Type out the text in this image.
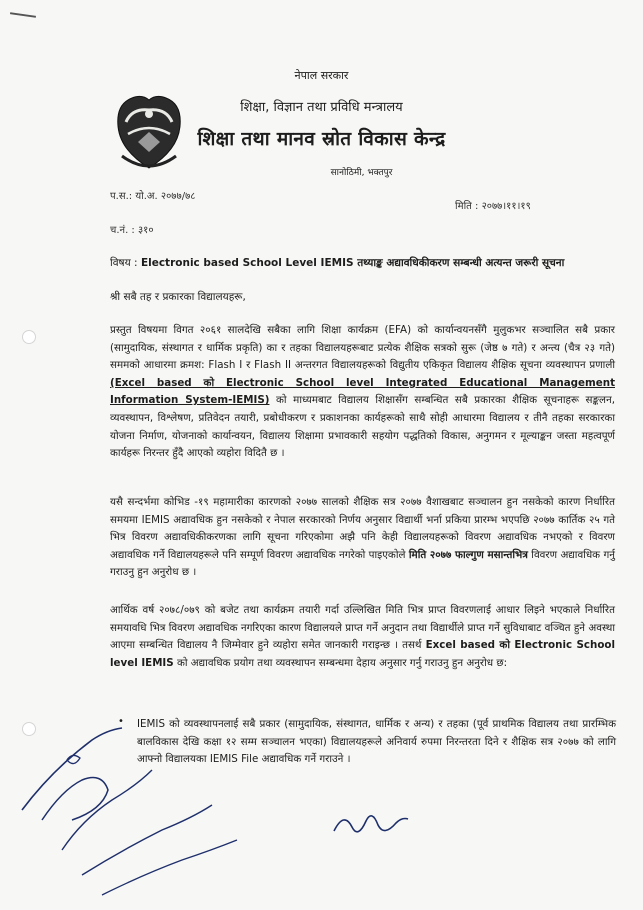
नेपाल सरकार
शिक्षा, विज्ञान तथा प्रविधि मन्त्रालय
शिक्षा तथा मानव स्रोत विकास केन्द्र
सानोठिमी, भक्तपुर
प.स.: यो.अ. २०७७/७८
मिति : २०७७।११।१९
च.नं. : ३१०
विषय : Electronic based School Level IEMIS तथ्याङ्क अद्यावधिकीकरण सम्बन्धी अत्यन्त जरूरी सूचना
श्री सबै तह र प्रकारका विद्यालयहरू,
प्रस्तुत विषयमा विगत २०६१ सालदेखि सबैका लागि शिक्षा कार्यक्रम (EFA) को कार्यान्वयनसँगै मुलुकभर सञ्चालित सबै प्रकार (सामुदायिक, संस्थागत र धार्मिक प्रकृति) का र तहका विद्यालयहरूबाट प्रत्येक शैक्षिक सत्रको सुरू (जेष्ठ ७ गते) र अन्त्य (चैत्र २३ गते) सममको आधारमा क्रमश: Flash I र Flash II अन्तरगत विद्यालयहरूको विद्युतीय एकिकृत विद्यालय शैक्षिक सूचना व्यवस्थापन प्रणाली (Excel based को Electronic School level Integrated Educational Management Information System-IEMIS) को माध्यमबाट विद्यालय शिक्षासँग सम्बन्धित सबै प्रकारका शैक्षिक सूचनाहरू सङ्कलन, व्यवस्थापन, विश्लेषण, प्रतिवेदन तयारी, प्रबोधीकरण र प्रकाशनका कार्यहरूको साथै सोही आधारमा विद्यालय र तीनै तहका सरकारका योजना निर्माण, योजनाको कार्यान्वयन, विद्यालय शिक्षामा प्रभावकारी सहयोग पद्धतिको विकास, अनुगमन र मूल्याङ्कन जस्ता महत्वपूर्ण कार्यहरू निरन्तर हुँदै आएको व्यहोरा विदितै छ ।
यसै सन्दर्भमा कोभिड -१९ महामारीका कारणको २०७७ सालको शैक्षिक सत्र २०७७ वैशाखबाट सञ्चालन हुन नसकेको कारण निर्धारित समयमा IEMIS अद्यावधिक हुन नसकेको र नेपाल सरकारको निर्णय अनुसार विद्यार्थी भर्ना प्रकिया प्रारम्भ भएपछि २०७७ कार्तिक २५ गते भित्र विवरण अद्यावधिकीकरणका लागि सूचना गरिएकोमा अझै पनि केही विद्यालयहरूको विवरण अद्यावधिक नभएको र विवरण अद्यावधिक गर्ने विद्यालयहरूले पनि सम्पूर्ण विवरण अद्यावधिक नगरेको पाइएकोले मिति २०७७ फाल्गुण मसान्तभित्र विवरण अद्यावधिक गर्नु गराउनु हुन अनुरोध छ ।
आर्थिक वर्ष २०७८/०७९ को बजेट तथा कार्यक्रम तयारी गर्दा उल्लिखित मिति भित्र प्राप्त विवरणलाई आधार लिइने भएकाले निर्धारित समयावधि भित्र विवरण अद्यावधिक नगरिएका कारण विद्यालयले प्राप्त गर्ने अनुदान तथा विद्यार्थीले प्राप्त गर्ने सुविधाबाट वञ्चित हुने अवस्था आएमा सम्बन्धित विद्यालय नै जिम्मेवार हुने व्यहोरा समेत जानकारी गराइन्छ । तसर्थ Excel based को Electronic School level IEMIS को अद्यावधिक प्रयोग तथा व्यवस्थापन सम्बन्धमा देहाय अनुसार गर्नु गराउनु हुन अनुरोध छ:
•	IEMIS को व्यवस्थापनलाई सबै प्रकार (सामुदायिक, संस्थागत, धार्मिक र अन्य) र तहका (पूर्व प्राथमिक विद्यालय तथा प्रारम्भिक बालविकास देखि कक्षा १२ सम्म सञ्चालन भएका) विद्यालयहरूले अनिवार्य रुपमा निरन्तरता दिने र शैक्षिक सत्र २०७७ को लागि आफ्नो विद्यालयका IEMIS File अद्यावधिक गर्ने गराउने ।
